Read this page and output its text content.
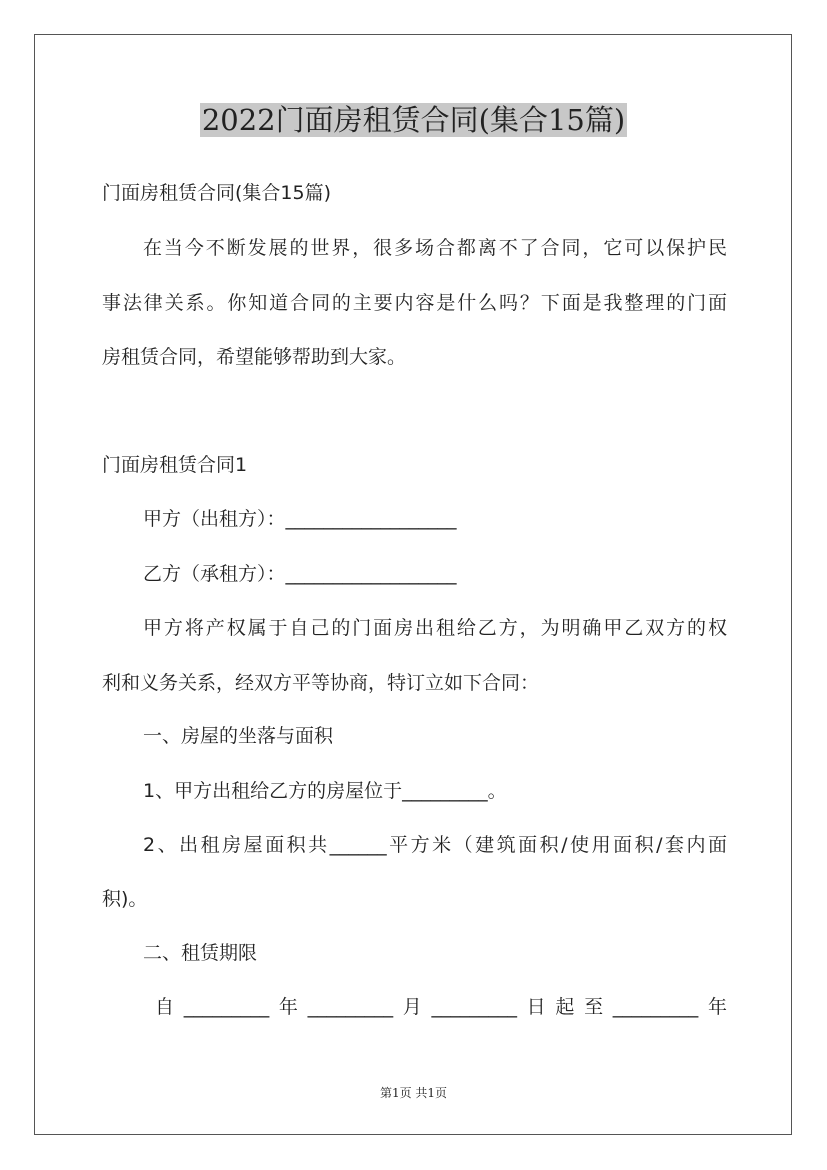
2022门面房租赁合同(集合15篇)
门面房租赁合同(集合15篇)
在当今不断发展的世界，很多场合都离不了合同，它可以保护民
事法律关系。你知道合同的主要内容是什么吗？下面是我整理的门面
房租赁合同，希望能够帮助到大家。
门面房租赁合同1
甲方（出租方）：__________________
乙方（承租方）：__________________
甲方将产权属于自己的门面房出租给乙方，为明确甲乙双方的权
利和义务关系，经双方平等协商，特订立如下合同：
一、房屋的坐落与面积
1、甲方出租给乙方的房屋位于_________。
2、出租房屋面积共______平方米（建筑面积/使用面积/套内面
积)。
二、租赁期限
自 _________ 年 _________ 月 _________ 日 起 至 _________ 年
第1页 共1页
